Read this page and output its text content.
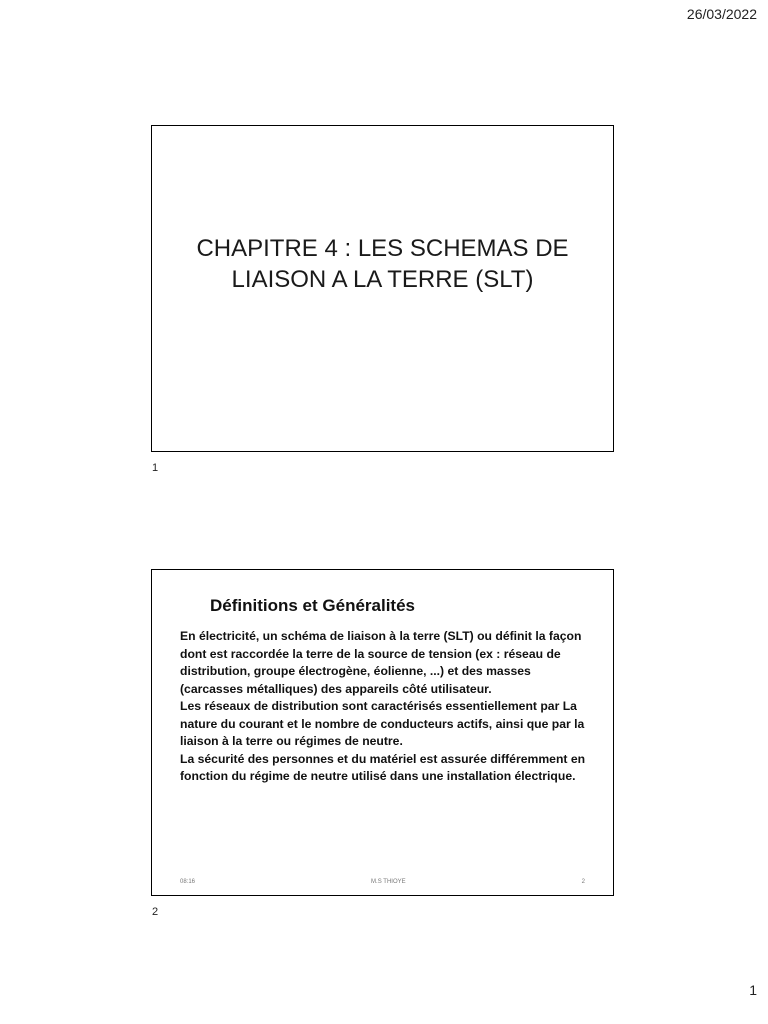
26/03/2022
CHAPITRE 4 : LES SCHEMAS DE LIAISON A LA TERRE (SLT)
1
Définitions et Généralités

En électricité, un schéma de liaison à la terre (SLT) ou définit la façon dont est raccordée la terre de la source de tension (ex : réseau de distribution, groupe électrogène, éolienne, ...) et des masses (carcasses métalliques) des appareils côté utilisateur.

Les réseaux de distribution sont caractérisés essentiellement par La nature du courant et le nombre de conducteurs actifs, ainsi que par la liaison à la terre ou régimes de neutre.

La sécurité des personnes et du matériel est assurée différemment en fonction du régime de neutre utilisé dans une installation électrique.

08:16	M.S THIOYE	2
2
1
